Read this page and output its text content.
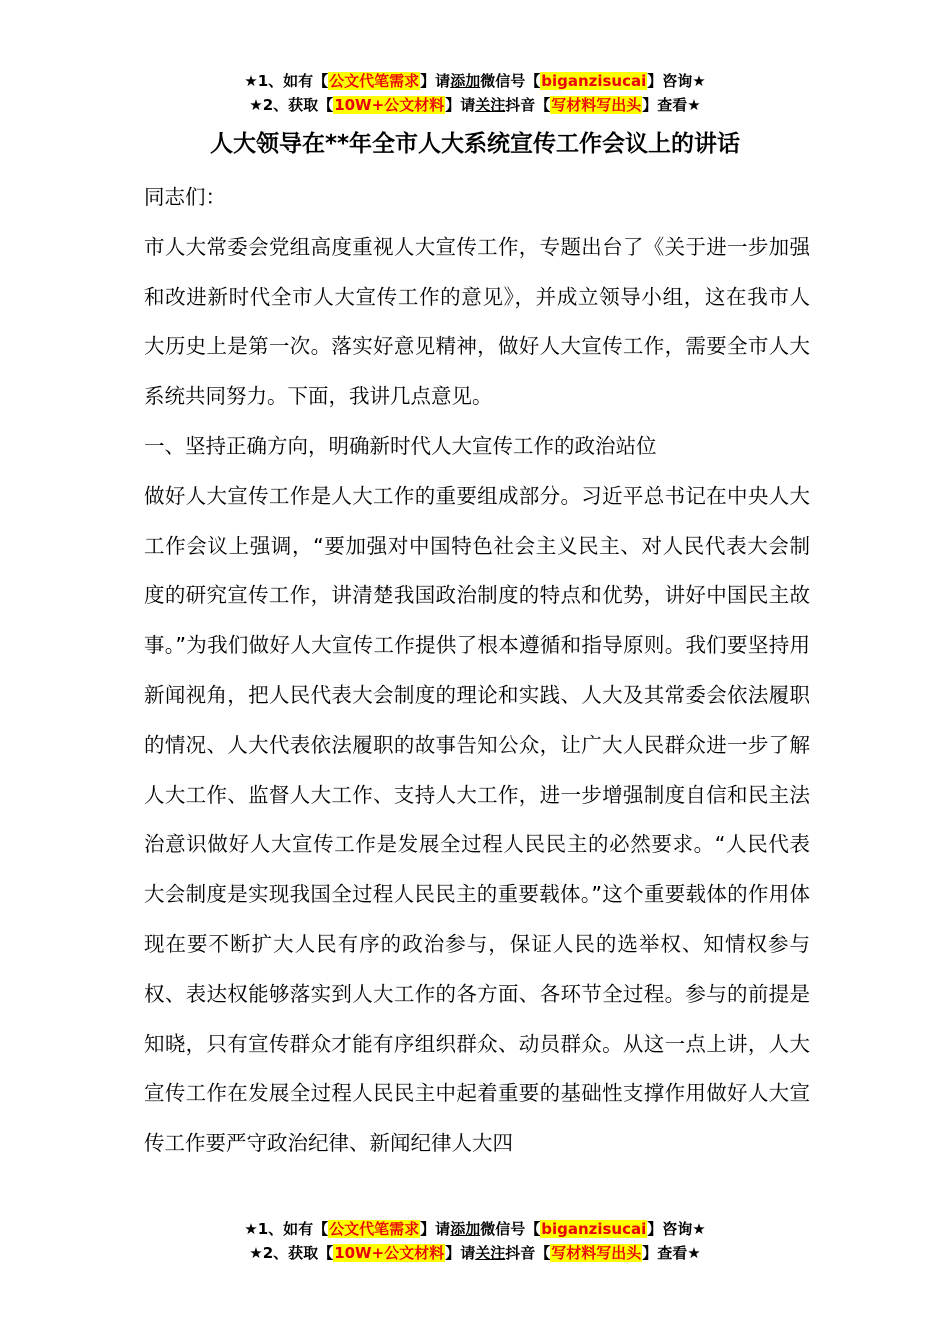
★1、如有【公文代笔需求】请添加微信号【biganzisucai】咨询★
★2、获取【10W+公文材料】请关注抖音【写材料写出头】查看★
人大领导在**年全市人大系统宣传工作会议上的讲话

同志们：

市人大常委会党组高度重视人大宣传工作，专题出台了《关于进一步加强和改进新时代全市人大宣传工作的意见》，并成立领导小组，这在我市人大历史上是第一次。落实好意见精神，做好人大宣传工作，需要全市人大系统共同努力。下面，我讲几点意见。

一、坚持正确方向，明确新时代人大宣传工作的政治站位

做好人大宣传工作是人大工作的重要组成部分。习近平总书记在中央人大工作会议上强调，“要加强对中国特色社会主义民主、对人民代表大会制度的研究宣传工作，讲清楚我国政治制度的特点和优势，讲好中国民主故事。”为我们做好人大宣传工作提供了根本遵循和指导原则。我们要坚持用新闻视角，把人民代表大会制度的理论和实践、人大及其常委会依法履职的情况、人大代表依法履职的故事告知公众，让广大人民群众进一步了解人大工作、监督人大工作、支持人大工作，进一步增强制度自信和民主法治意识做好人大宣传工作是发展全过程人民民主的必然要求。“人民代表大会制度是实现我国全过程人民民主的重要载体。”这个重要载体的作用体现在要不断扩大人民有序的政治参与，保证人民的选举权、知情权参与权、表达权能够落实到人大工作的各方面、各环节全过程。参与的前提是知晓，只有宣传群众才能有序组织群众、动员群众。从这一点上讲，人大宣传工作在发展全过程人民民主中起着重要的基础性支撑作用做好人大宣传工作要严守政治纪律、新闻纪律人大四

★1、如有【公文代笔需求】请添加微信号【biganzisucai】咨询★
★2、获取【10W+公文材料】请关注抖音【写材料写出头】查看★
